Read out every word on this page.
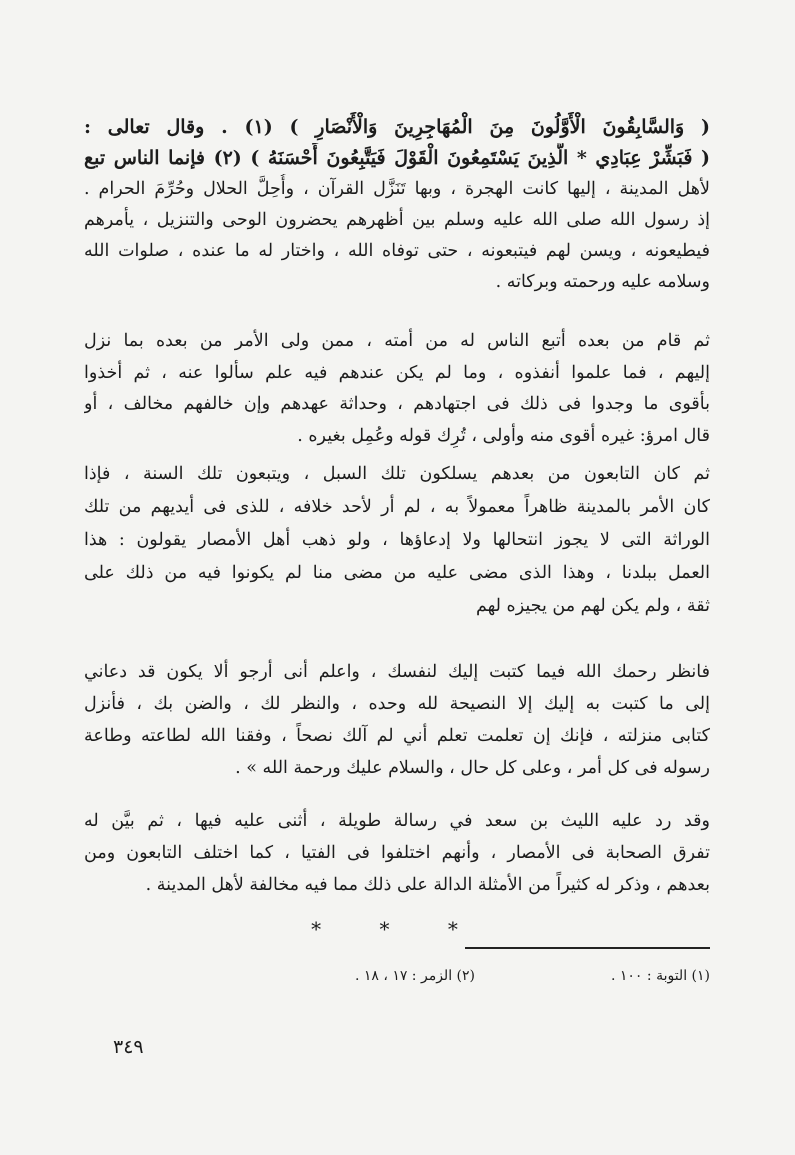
( وَالسَّابِقُونَ الْأَوَّلُونَ مِنَ الْمُهَاجِرِينَ وَالْأَنْصَارِ ) (١) . وقال تعالى :
( فَبَشِّرْ عِبَادِي * الَّذِينَ يَسْتَمِعُونَ الْقَوْلَ فَيَتَّبِعُونَ أَحْسَنَهُ ) (٢) فإنما الناس تبع
لأهل المدينة ، إليها كانت الهجرة ، وبها تَنَزَّل القرآن ، وأُحِلَّ الحلال وحُرِّمَ الحرام .
إذ رسول الله صلى الله عليه وسلم بين أظهرهم يحضرون الوحى والتنزيل ، يأمرهم
فيطيعونه ، ويسن لهم فيتبعونه ، حتى توفاه الله ، واختار له ما عنده ، صلوات الله
وسلامه عليه ورحمته وبركاته .
ثم قام من بعده أتبع الناس له من أمته ، ممن ولى الأمر من بعده بما نزل
إليهم ، فما علموا أنفذوه ، وما لم يكن عندهم فيه علم سألوا عنه ، ثم أخذوا
بأقوى ما وجدوا فى ذلك فى اجتهادهم ، وحداثة عهدهم وإن خالفهم مخالف ، أو
قال امرؤ: غيره أقوى منه وأولى ، تُرِك قوله وعُمِل بغيره .
ثم كان التابعون من بعدهم يسلكون تلك السبل ، ويتبعون تلك السنة ، فإذا
كان الأمر بالمدينة ظاهراً معمولاً به ، لم أر لأحد خلافه ، للذى فى أيديهم من تلك
الوراثة التى لا يجوز انتحالها ولا إدعاؤها ، ولو ذهب أهل الأمصار يقولون : هذا
العمل ببلدنا ، وهذا الذى مضى عليه من مضى منا لم يكونوا فيه من ذلك على
ثقة ، ولم يكن لهم من يجيزه لهم
فانظر رحمك الله فيما كتبت إليك لنفسك ، واعلم أنى أرجو ألا يكون قد دعاني
إلى ما كتبت به إليك إلا النصيحة لله وحده ، والنظر لك ، والضن بك ، فأنزل
كتابى منزلته ، فإنك إن تعلمت تعلم أني لم آلك نصحاً ، وفقنا الله لطاعته وطاعة
رسوله فى كل أمر ، وعلى كل حال ، والسلام عليك ورحمة الله » .
وقد رد عليه الليث بن سعد في رسالة طويلة ، أثنى عليه فيها ، ثم بيَّن له
تفرق الصحابة فى الأمصار ، وأنهم اختلفوا فى الفتيا ، كما اختلف التابعون ومن
بعدهم ، وذكر له كثيراً من الأمثلة الدالة على ذلك مما فيه مخالفة لأهل المدينة .
* * *
(١) التوبة : ١٠٠ .
(٢) الزمر : ١٧ ، ١٨ .
٣٤٩
